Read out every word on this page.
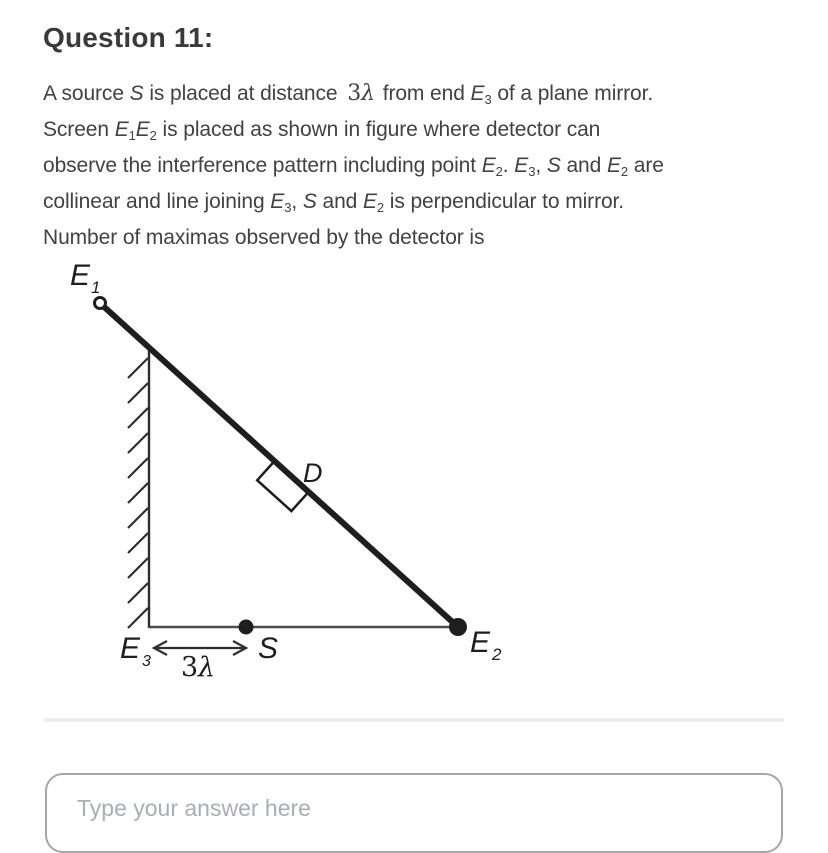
Question 11:
A source S is placed at distance 3λ from end E3 of a plane mirror.
Screen E1E2 is placed as shown in figure where detector can
observe the interference pattern including point E2. E3, S and E2 are
collinear and line joining E3, S and E2 is perpendicular to mirror.
Number of maximas observed by the detector is
E 1
D
E 3 3 λ
S	E 2
Type your answer here
